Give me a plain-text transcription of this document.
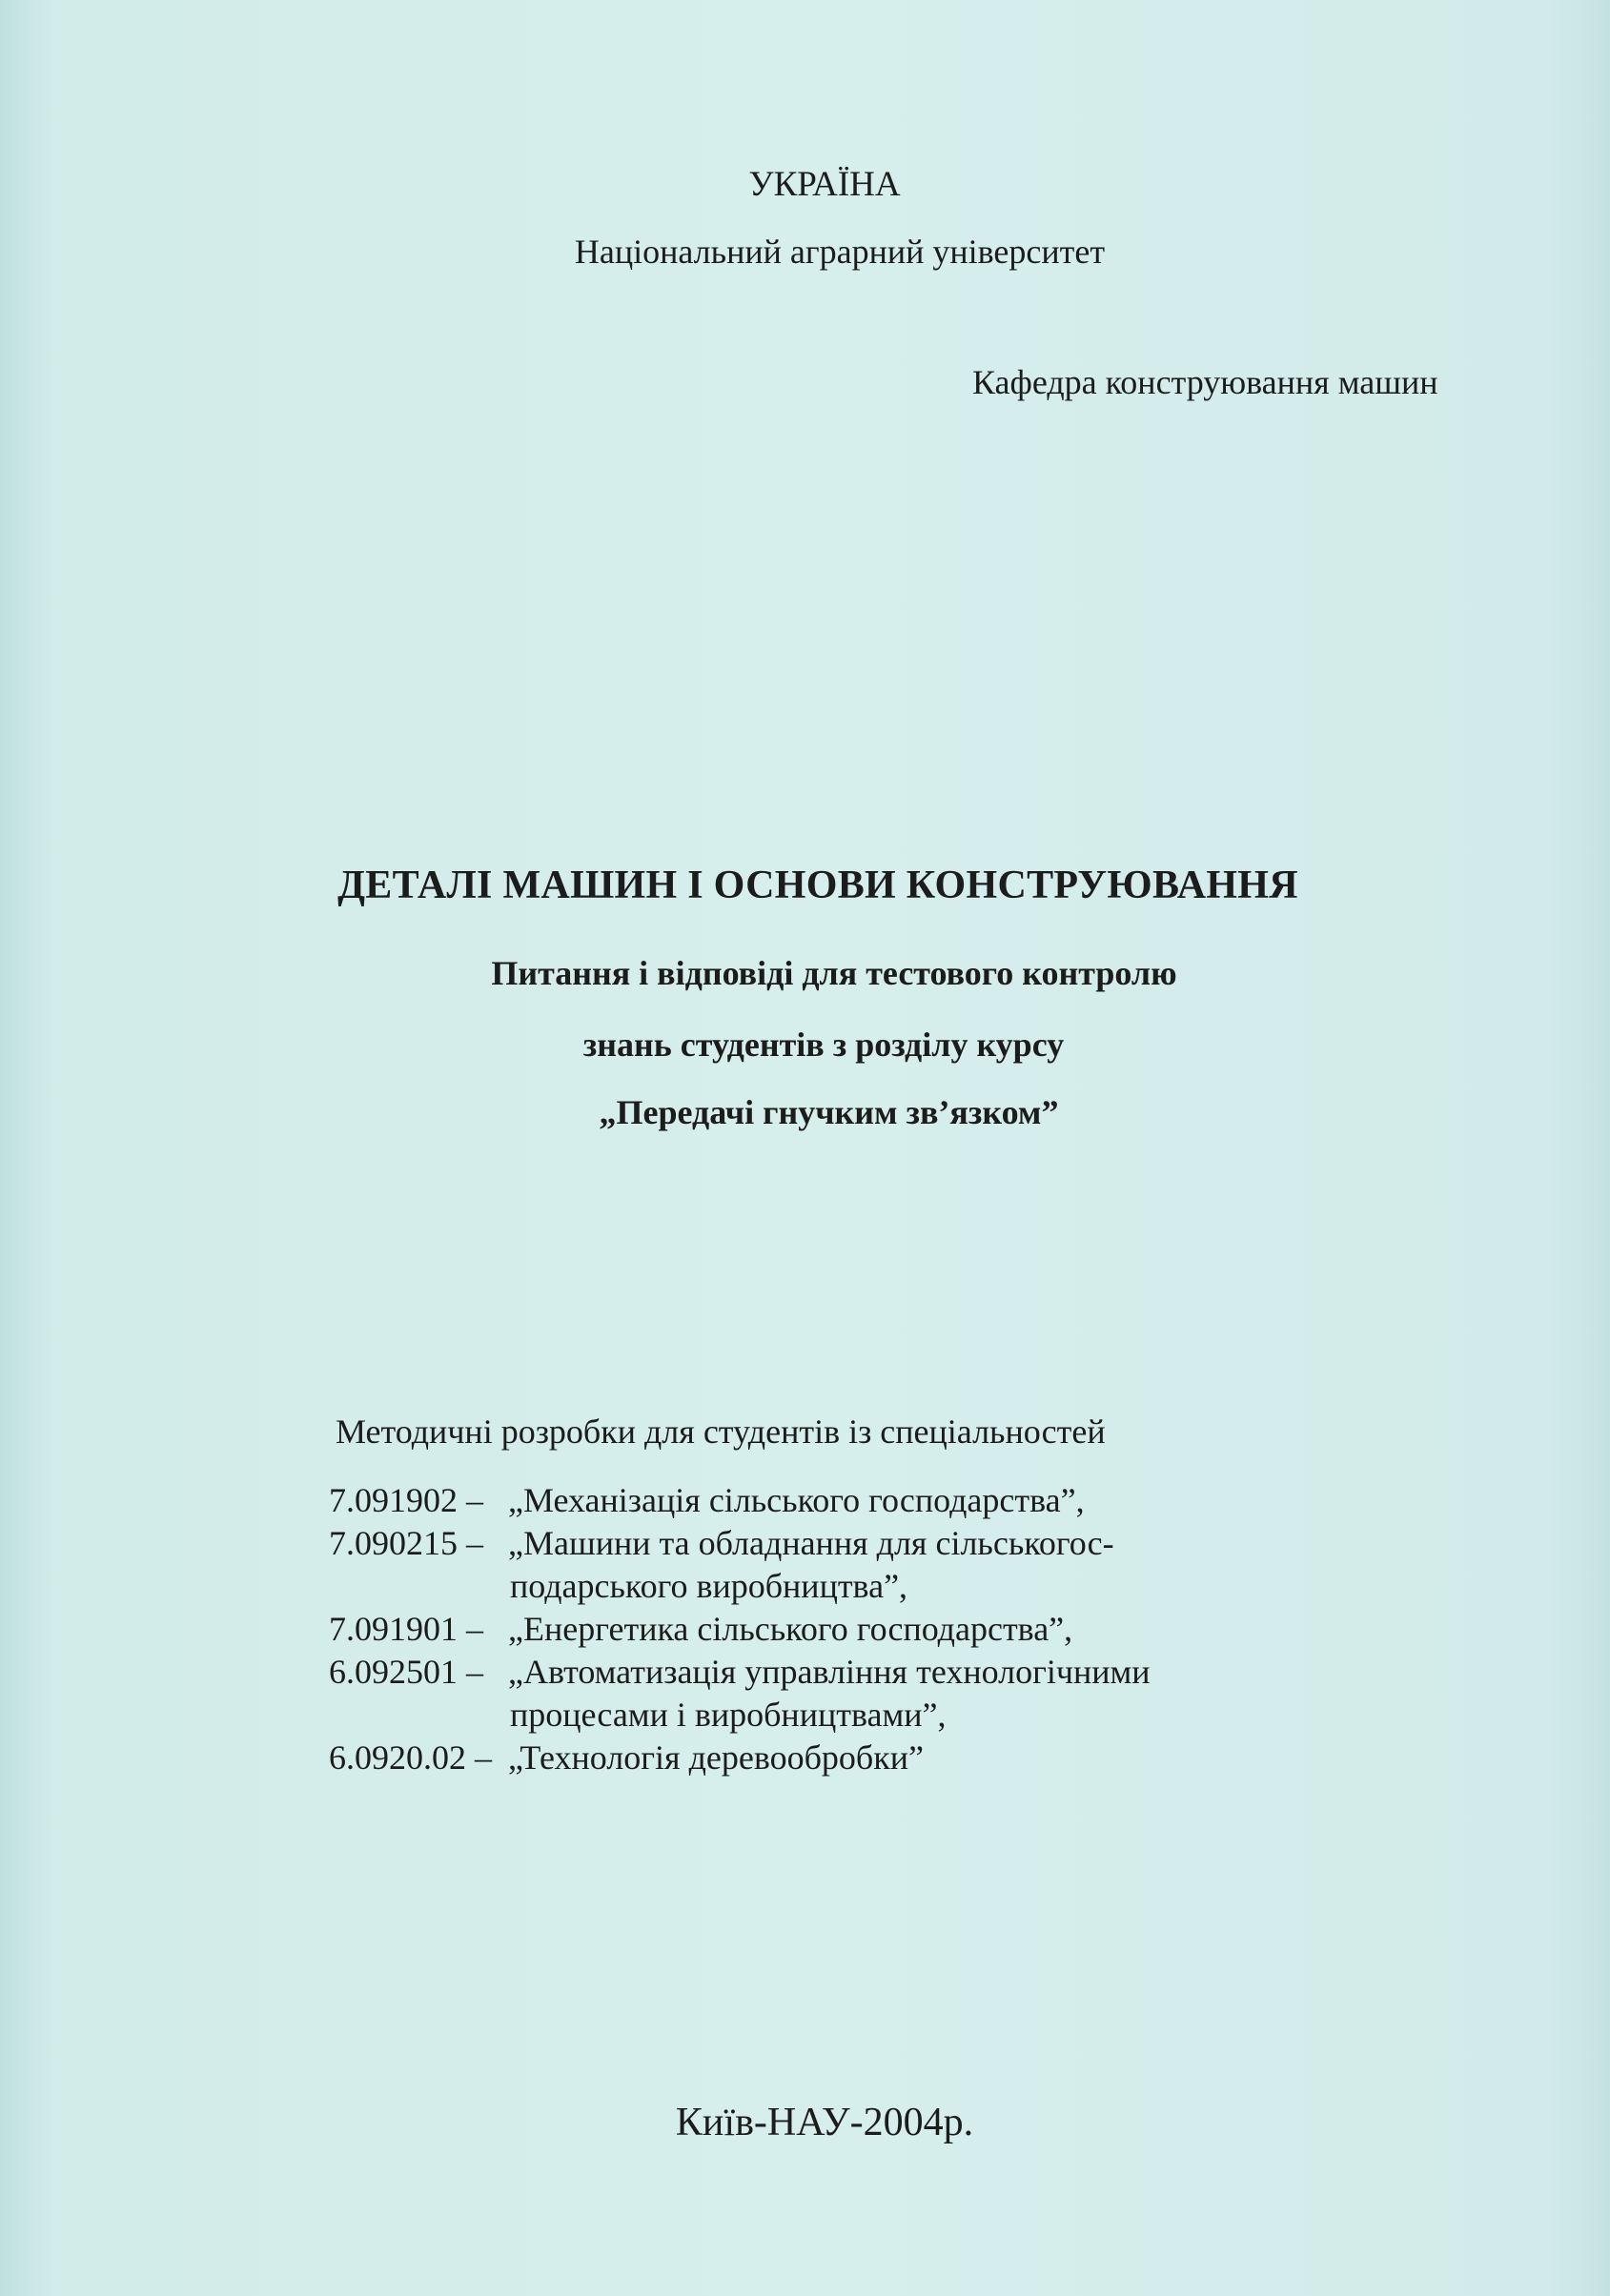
УКРАЇНА
Національний аграрний університет
Кафедра конструювання машин
ДЕТАЛІ МАШИН І ОСНОВИ КОНСТРУЮВАННЯ
Питання і відповіді для тестового контролю
знань студентів з розділу курсу
„Передачі гнучким зв’язком”
Методичні розробки для студентів із спеціальностей
7.091902 – „Механізація сільського господарства”,
7.090215 – „Машини та обладнання для сільськогос-
подарського виробництва”,
7.091901 – „Енергетика сільського господарства”,
6.092501 – „Автоматизація управління технологічними
процесами і виробництвами”,
6.0920.02 – „Технологія деревообробки”
Київ-НАУ-2004р.
